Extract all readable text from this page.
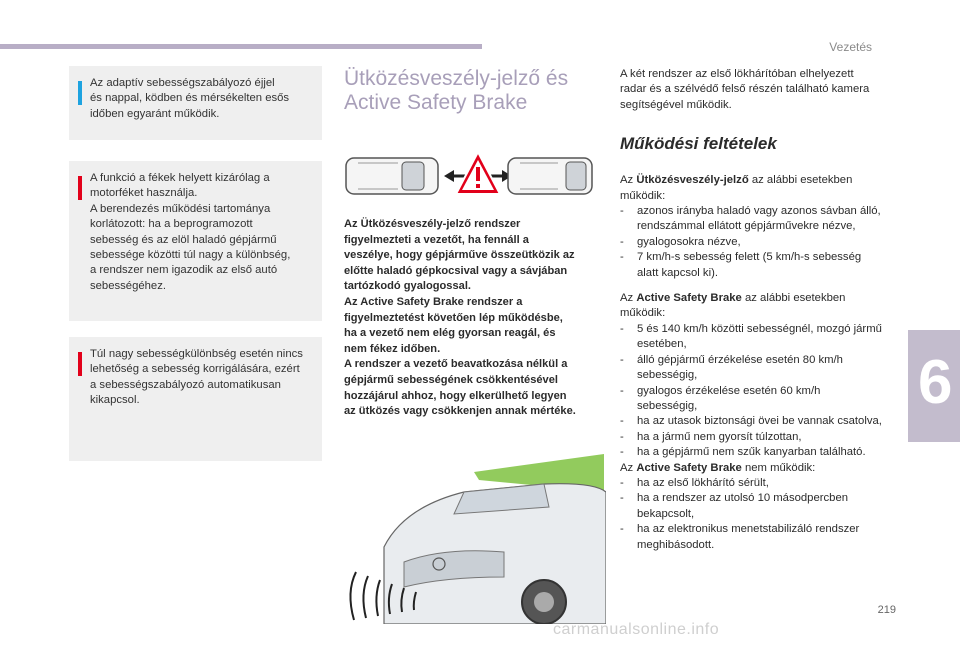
Vezetés

Az adaptív sebességszabályozó éjjel
és nappal, ködben és mérsékelten esős
időben egyaránt működik.

A funkció a fékek helyett kizárólag a
motorféket használja.
A berendezés működési tartománya
korlátozott: ha a beprogramozott
sebesség és az elöl haladó gépjármű
sebessége közötti túl nagy a különbség,
a rendszer nem igazodik az első autó
sebességéhez.

Túl nagy sebességkülönbség esetén nincs
lehetőség a sebesség korrigálására, ezért
a sebességszabályozó automatikusan
kikapcsol.

Ütközésveszély-jelző és Active Safety Brake

Az Ütközésveszély-jelző rendszer
figyelmezteti a vezetőt, ha fennáll a
veszélye, hogy gépjárműve összeütközik az
előtte haladó gépkocsival vagy a sávjában
tartózkodó gyalogossal.
Az Active Safety Brake rendszer a
figyelmeztetést követően lép működésbe,
ha a vezető nem elég gyorsan reagál, és
nem fékez időben.
A rendszer a vezető beavatkozása nélkül a
gépjármű sebességének csökkentésével
hozzájárul ahhoz, hogy elkerülhető legyen
az ütközés vagy csökkenjen annak mértéke.

A két rendszer az első lökhárítóban elhelyezett radar és a szélvédő felső részén található kamera segítségével működik.

Működési feltételek

Az Ütközésveszély-jelző az alábbi esetekben működik:

- azonos irányba haladó vagy azonos sávban álló, rendszámmal ellátott gépjárművekre nézve,
- gyalogosokra nézve,
- 7 km/h-s sebesség felett (5 km/h-s sebesség alatt kapcsol ki).

Az Active Safety Brake az alábbi esetekben működik:

- 5 és 140 km/h közötti sebességnél, mozgó jármű esetében,
- álló gépjármű érzékelése esetén 80 km/h sebességig,
- gyalogos érzékelése esetén 60 km/h sebességig,
- ha az utasok biztonsági övei be vannak csatolva,
- ha a jármű nem gyorsít túlzottan,
- ha a gépjármű nem szűk kanyarban található.

Az Active Safety Brake nem működik:

- ha az első lökhárító sérült,
- ha a rendszer az utolsó 10 másodpercben bekapcsolt,
- ha az elektronikus menetstabilizáló rendszer meghibásodott.
6
219
carmanualsonline.info
